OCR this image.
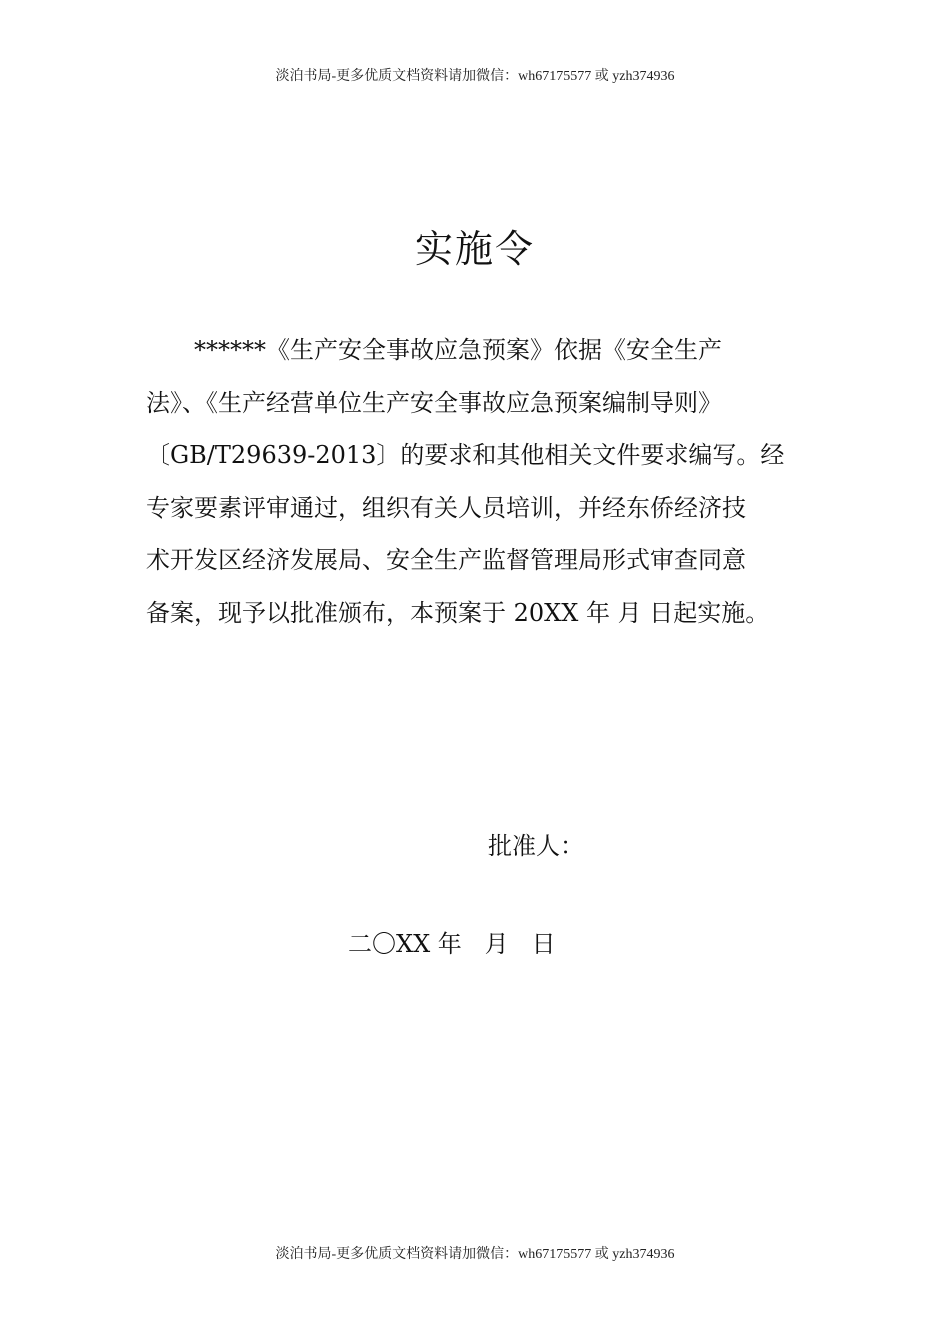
淡泊书局-更多优质文档资料请加微信：wh67175577 或 yzh374936
实施令
******《生产安全事故应急预案》依据《安全生产
法》、《生产经营单位生产安全事故应急预案编制导则》
〔GB/T29639-2013〕的要求和其他相关文件要求编写。经
专家要素评审通过，组织有关人员培训，并经东侨经济技
术开发区经济发展局、安全生产监督管理局形式审查同意
备案，现予以批准颁布，本预案于 20XX 年 月 日起实施。
批准人：
二〇XX 年   月   日
淡泊书局-更多优质文档资料请加微信：wh67175577 或 yzh374936
